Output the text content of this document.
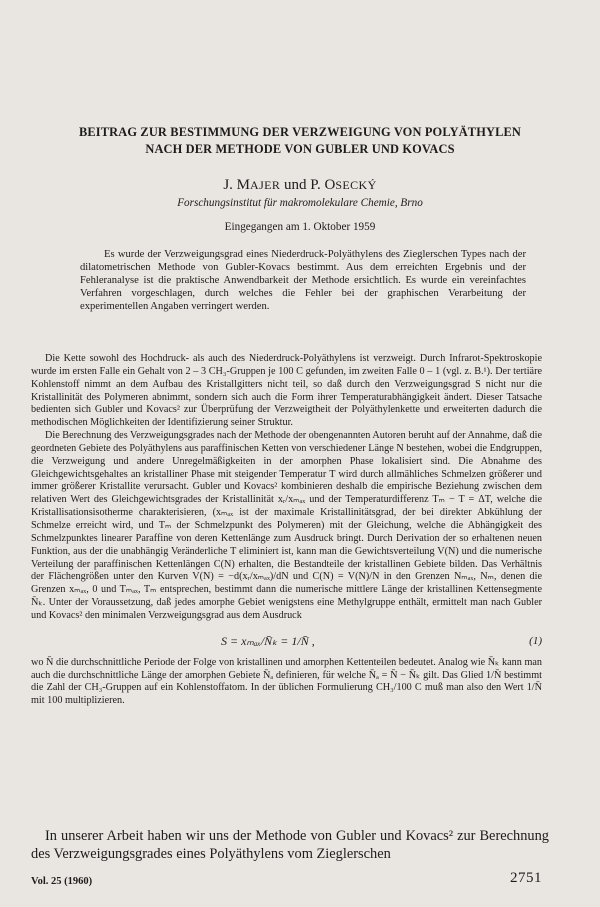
BEITRAG ZUR BESTIMMUNG DER VERZWEIGUNG VON POLYÄTHYLEN
NACH DER METHODE VON GUBLER UND KOVACS
J. MAJER und P. OSECKÝ
Forschungsinstitut für makromolekulare Chemie, Brno
Eingegangen am 1. Oktober 1959

Es wurde der Verzweigungsgrad eines Niederdruck-Polyäthylens des Zieglerschen Types nach der dilatometrischen Methode von Gubler-Kovacs bestimmt. Aus dem erreichten Ergebnis und der Fehleranalyse ist die praktische Anwendbarkeit der Methode ersichtlich. Es wurde ein vereinfachtes Verfahren vorgeschlagen, durch welches die Fehler bei der graphischen Verarbeitung der experimentellen Angaben verringert werden.

Die Kette sowohl des Hochdruck- als auch des Niederdruck-Polyäthylens ist verzweigt. Durch Infrarot-Spektroskopie wurde im ersten Falle ein Gehalt von 2 – 3 CH₃-Gruppen je 100 C gefunden, im zweiten Falle 0 – 1 (vgl. z. B.¹). Der tertiäre Kohlenstoff nimmt an dem Aufbau des Kristallgitters nicht teil, so daß durch den Verzweigungsgrad S nicht nur die Kristallinität des Polymeren abnimmt, sondern sich auch die Form ihrer Temperaturabhängigkeit ändert. Dieser Tatsache bedienten sich Gubler und Kovacs² zur Überprüfung der Verzweigtheit der Polyäthylenkette und erweiterten dadurch die methodischen Möglichkeiten der Identifizierung seiner Struktur.

Die Berechnung des Verzweigungsgrades nach der Methode der obengenannten Autoren beruht auf der Annahme, daß die geordneten Gebiete des Polyäthylens aus paraffinischen Ketten von verschiedener Länge N bestehen, wobei die Endgruppen, die Verzweigung und andere Unregelmäßigkeiten in der amorphen Phase lokalisiert sind. Die Abnahme des Gleichgewichtsgehaltes an kristalliner Phase mit steigender Temperatur T wird durch allmähliches Schmelzen größerer und immer größerer Kristallite verursacht. Gubler und Kovacs² kombinieren deshalb die empirische Beziehung zwischen dem relativen Wert des Gleichgewichtsgrades der Kristallinität xᵣ/xₘₐₓ und der Temperaturdifferenz Tₘ − T = ΔT, welche die Kristallisationsisotherme charakterisieren, (xₘₐₓ ist der maximale Kristallinitätsgrad, der bei direkter Abkühlung der Schmelze erreicht wird, und Tₘ der Schmelzpunkt des Polymeren) mit der Gleichung, welche die Abhängigkeit des Schmelzpunktes linearer Paraffine von deren Kettenlänge zum Ausdruck bringt. Durch Derivation der so erhaltenen neuen Funktion, aus der die unabhängig Veränderliche T eliminiert ist, kann man die Gewichtsverteilung V(N) und die numerische Verteilung der paraffinischen Kettenlängen C(N) erhalten, die Bestandteile der kristallinen Gebiete bilden. Das Verhältnis der Flächengrößen unter den Kurven V(N) = −d(xᵣ/xₘₐₓ)/dN und C(N) = V(N)/N in den Grenzen Nₘₐₓ, Nₘ, denen die Grenzen xₘₐₓ, 0 und Tₘₐₓ, Tₘ entsprechen, bestimmt dann die numerische mittlere Länge der kristallinen Kettensegmente N̄ₖ. Unter der Voraussetzung, daß jedes amorphe Gebiet wenigstens eine Methylgruppe enthält, ermittelt man nach Gubler und Kovacs² den minimalen Verzweigungsgrad aus dem Ausdruck

S = xₘₐₓ/N̄ₖ = 1/N̄ ,	(1)

wo N̄ die durchschnittliche Periode der Folge von kristallinen und amorphen Kettenteilen bedeutet. Analog wie N̄ₖ kann man auch die durchschnittliche Länge der amorphen Gebiete N̄ₐ definieren, für welche N̄ₐ = N̄ − N̄ₖ gilt. Das Glied 1/N̄ bestimmt die Zahl der CH₃-Gruppen auf ein Kohlenstoffatom. In der üblichen Formulierung CH₃/100 C muß man also den Wert 1/N̄ mit 100 multiplizieren.

In unserer Arbeit haben wir uns der Methode von Gubler und Kovacs² zur Berechnung des Verzweigungsgrades eines Polyäthylens vom Zieglerschen

Vol. 25 (1960)	2751
